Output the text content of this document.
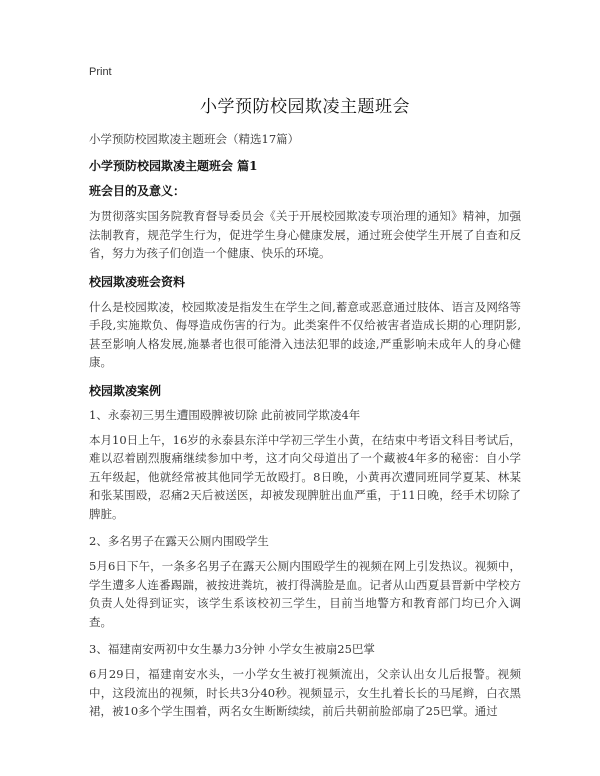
Print
小学预防校园欺凌主题班会
小学预防校园欺凌主题班会（精选17篇）
小学预防校园欺凌主题班会 篇1
班会目的及意义：

为贯彻落实国务院教育督导委员会《关于开展校园欺凌专项治理的通知》精神，加强法制教育，规范学生行为，促进学生身心健康发展，通过班会使学生开展了自查和反省，努力为孩子们创造一个健康、快乐的环境。

校园欺凌班会资料

什么是校园欺凌，校园欺凌是指发生在学生之间,蓄意或恶意通过肢体、语言及网络等手段,实施欺负、侮辱造成伤害的行为。此类案件不仅给被害者造成长期的心理阴影,甚至影响人格发展,施暴者也很可能滑入违法犯罪的歧途,严重影响未成年人的身心健康。

校园欺凌案例
1、永泰初三男生遭围殴脾被切除 此前被同学欺凌4年

本月10日上午，16岁的永泰县东洋中学初三学生小黄，在结束中考语文科目考试后，难以忍着剧烈腹痛继续参加中考，这才向父母道出了一个藏被4年多的秘密：自小学五年级起，他就经常被其他同学无故殴打。8日晚，小黄再次遭同班同学夏某、林某和张某围殴，忍痛2天后被送医，却被发现脾脏出血严重，于11日晚，经手术切除了脾脏。

2、多名男子在露天公厕内围殴学生

5月6日下午，一条多名男子在露天公厕内围殴学生的视频在网上引发热议。视频中，学生遭多人连番踢踹，被按进粪坑，被打得满脸是血。记者从山西夏县晋新中学校方负责人处得到证实，该学生系该校初三学生，目前当地警方和教育部门均已介入调查。

3、福建南安两初中女生暴力3分钟 小学女生被扇25巴掌

6月29日，福建南安水头，一小学女生被打视频流出，父亲认出女儿后报警。视频中，这段流出的视频，时长共3分40秒。视频显示，女生扎着长长的马尾辫，白衣黑裙，被10多个学生围着，两名女生断断续续，前后共朝前脸部扇了25巴掌。通过
